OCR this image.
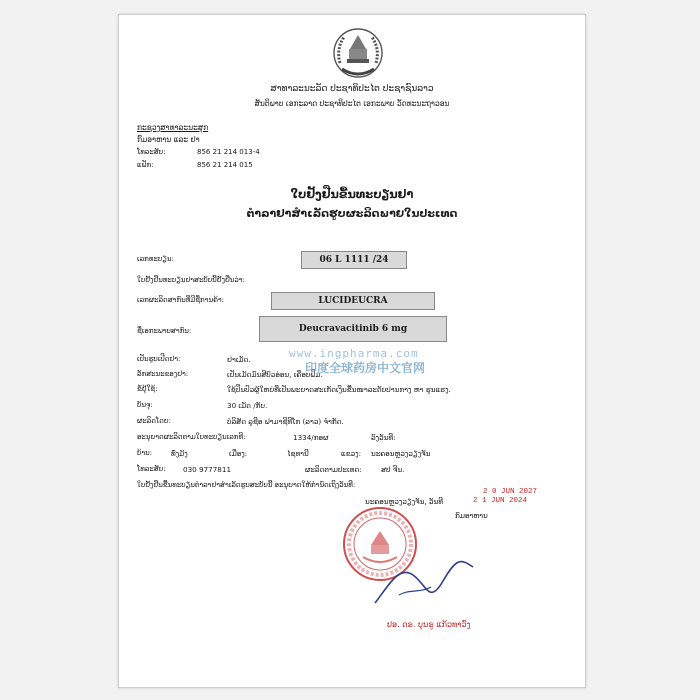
ສາທາລະນະລັດ ປະຊາທິປະໄຕ ປະຊາຊົນລາວ
ສັນຕິພາບ ເອກະລາດ ປະຊາທິປະໄຕ ເອກະພາບ ວັດທະນະຖາວອນ
ກະຊວງສາທາລະນະສຸກ
ກົມອາຫານ ແລະ ຢາ
ໂທລະສັບ:	856 21 214 013-4
ແຟັກ:	856 21 214 015
ໃບຢັ້ງຢືນຂື້ນທະບຽນຢາ
ຕຳລາຢາສຳເລັດຮູບຜະລິດພາຍໃນປະເທດ
ເລກທະບຽນ:	06 L 1111 /24
ໃບຢັ້ງຢືນທະບຽນຢາສະບັບນີ້ຢັ້ງຢືນວ່າ:
ເລກຜະລິດສາກົນທີ່ມີຊື່ການຄ້າ:	LUCIDEUCRA
ຊື່ເອກະພາບສາກົນ:	Deucravacitinib 6 mg
ເປັນຮູບເປີດຢາ:	ຢາເມັດ.
ລັກສະນະຂອງຢາ:	ເປັນເມັດມົນສີບົວອ່ອນ, ເຄືອບຟິມ.
ຂໍ້ຢຸ້ໃຊ້:	ໃຊ້ປິ່ນປົວຜູ້ໃຫຍ່ທີ່ເປັນພະຍາດສະເກັດເງິນຂື້ນໜາລະດັບປານກາງ ຫາ ຮຸນແຮງ.
ບັນຈຸ:	30 ເມັດ /ກັບ.
ຜະລິດໂດຍ:	ບໍລິສັດ ລູຊີອ ຟາມາຊີທີໂກ (ລາວ) ຈຳກັດ.
ອະນຸຍາດຜະລິດຕາມໃບທະບຽນເລກທີ:	1334/ກອຜ	ລົງວັນທີ:
ບ້ານ:	ທົ່ງມັງ	ເມືອງ:	ໄຊທານີ	ແຂວງ: ນະຄອນຫຼວງວຽງຈັນ
ໂທລະສັບ: 030 9777811	ຜະລິດຕາມປະເທດ:	ສປ ຈີນ.
ໃບຢັ້ງຢືນຂື້ນທະບຽນຕຳລາຢາສຳເລັດຮູບສະບັບນີ້ ອະນຸຍາດໃຫ້ກຳນົດເຖິງວັນທີ:
2 0 JUN 2027
ນະຄອນຫຼວງວຽງຈັນ, ວັນທີ	2 1 JUN 2024
ກົມອາຫານ
www.ingpharma.com
印度全球药房中文官网
ປອ. ດຣ. ບຸນຣູ ແກ້ວທາວົງ
